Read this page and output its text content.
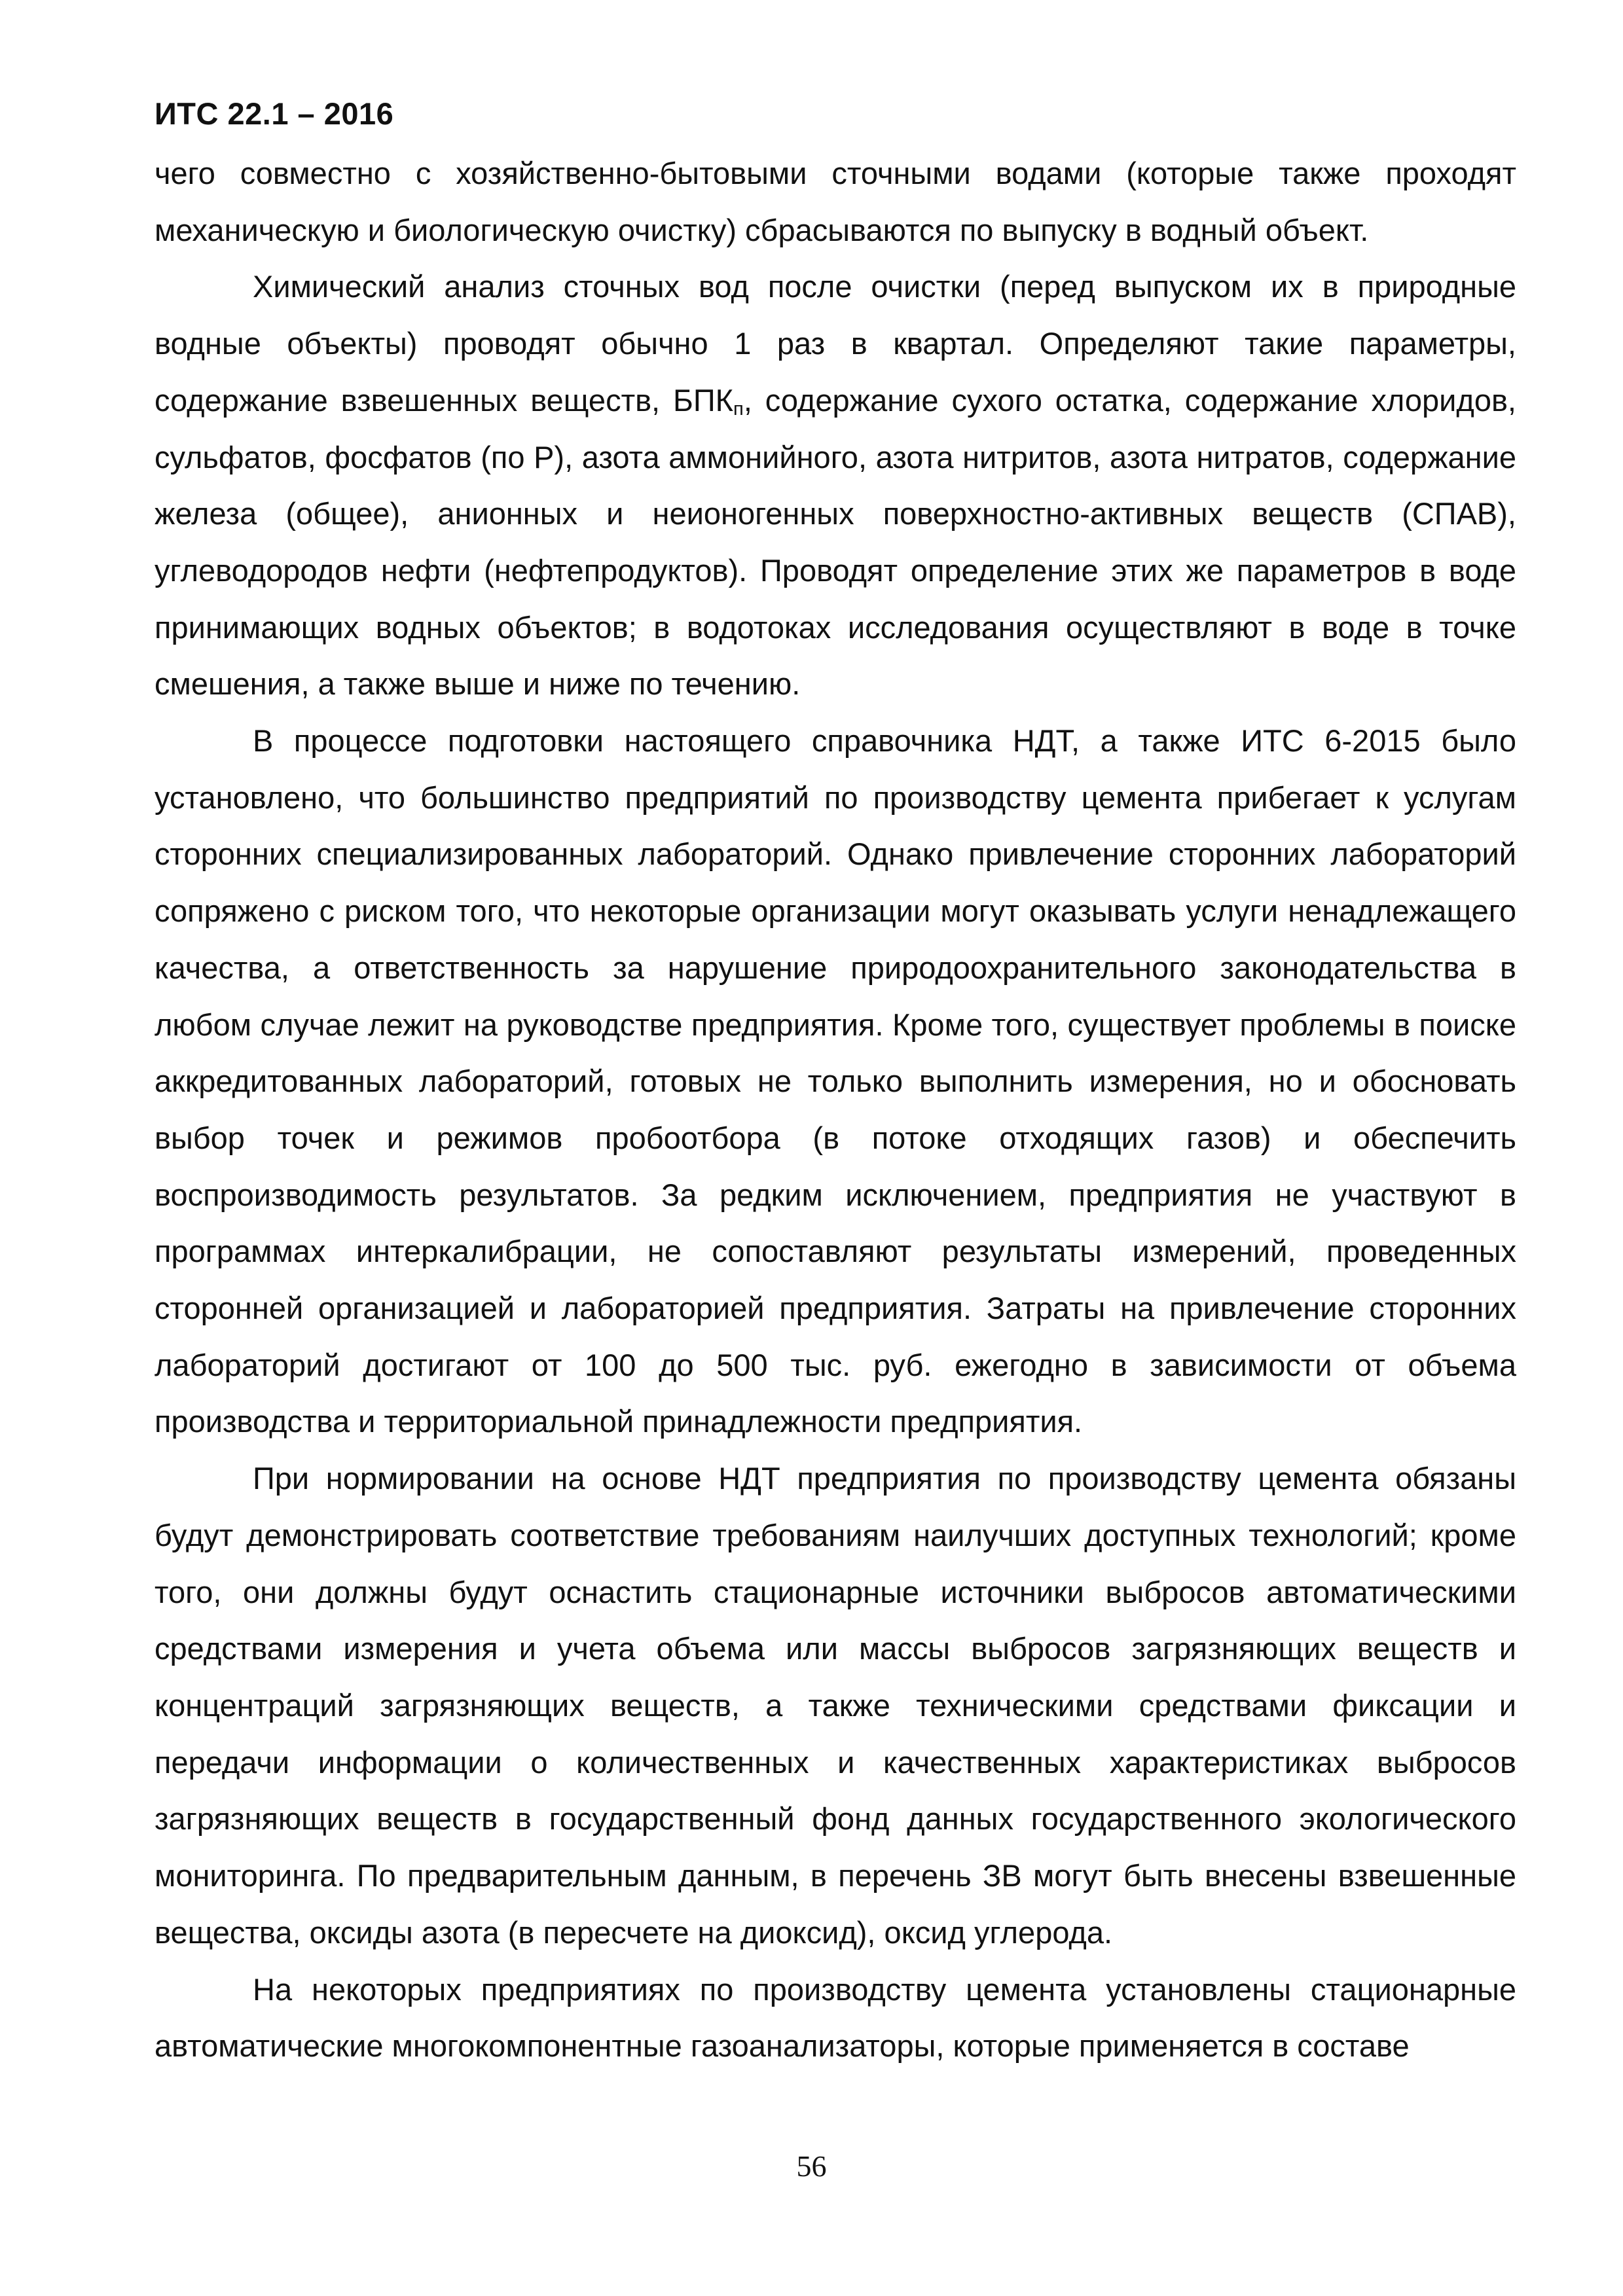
ИТС 22.1 – 2016

чего совместно с хозяйственно-бытовыми сточными водами (которые также проходят механическую и биологическую очистку) сбрасываются по выпуску в водный объект.

Химический анализ сточных вод после очистки (перед выпуском их в природные водные объекты) проводят обычно 1 раз в квартал. Определяют такие параметры, содержание взвешенных веществ, $БПК_п$, содержание сухого остатка, содержание хлоридов, сульфатов, фосфатов (по Р), азота аммонийного, азота нитритов, азота нитратов, содержание железа (общее), анионных и неионогенных поверхностно-активных веществ (СПАВ), углеводородов нефти (нефтепродуктов). Проводят определение этих же параметров в воде принимающих водных объектов; в водотоках исследования осуществляют в воде в точке смешения, а также выше и ниже по течению.

В процессе подготовки настоящего справочника НДТ, а также ИТС 6-2015 было установлено, что большинство предприятий по производству цемента прибегает к услугам сторонних специализированных лабораторий. Однако привлечение сторонних лабораторий сопряжено с риском того, что некоторые организации могут оказывать услуги ненадлежащего качества, а ответственность за нарушение природоохранительного законодательства в любом случае лежит на руководстве предприятия. Кроме того, существует проблемы в поиске аккредитованных лабораторий, готовых не только выполнить измерения, но и обосновать выбор точек и режимов пробоотбора (в потоке отходящих газов) и обеспечить воспроизводимость результатов. За редким исключением, предприятия не участвуют в программах интеркалибрации, не сопоставляют результаты измерений, проведенных сторонней организацией и лабораторией предприятия. Затраты на привлечение сторонних лабораторий достигают от 100 до 500 тыс. руб. ежегодно в зависимости от объема производства и территориальной принадлежности предприятия.

При нормировании на основе НДТ предприятия по производству цемента обязаны будут демонстрировать соответствие требованиям наилучших доступных технологий; кроме того, они должны будут оснастить стационарные источники выбросов автоматическими средствами измерения и учета объема или массы выбросов загрязняющих веществ и концентраций загрязняющих веществ, а также техническими средствами фиксации и передачи информации о количественных и качественных характеристиках выбросов загрязняющих веществ в государственный фонд данных государственного экологического мониторинга. По предварительным данным, в перечень ЗВ могут быть внесены взвешенные вещества, оксиды азота (в пересчете на диоксид), оксид углерода.

На некоторых предприятиях по производству цемента установлены стационарные автоматические многокомпонентные газоанализаторы, которые применяется в составе

56
